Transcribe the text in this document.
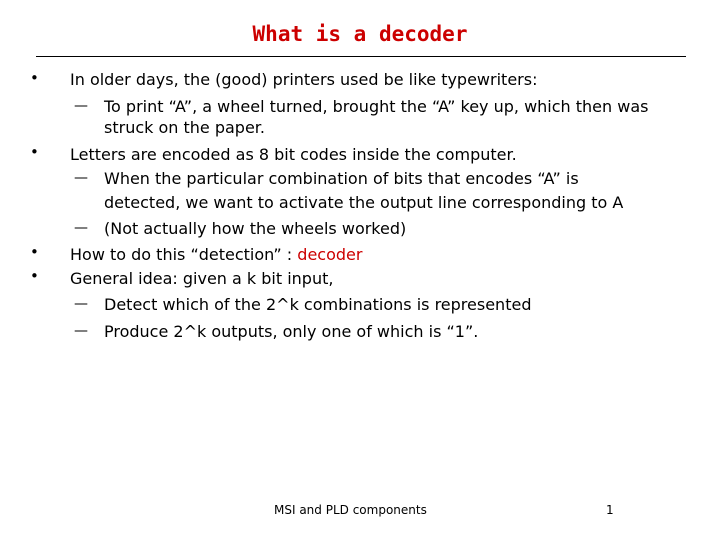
What is a decoder
• In older days, the (good) printers used be like typewriters:
— To print “A”, a wheel turned, brought the “A” key up, which then was
struck on the paper.
• Letters are encoded as 8 bit codes inside the computer.
— When the particular combination of bits that encodes “A” is
detected, we want to activate the output line corresponding to A
— (Not actually how the wheels worked)
• How to do this “detection” : decoder
• General idea: given a k bit input,
— Detect which of the 2^k combinations is represented
— Produce 2^k outputs, only one of which is “1”.
MSI and PLD components	1
